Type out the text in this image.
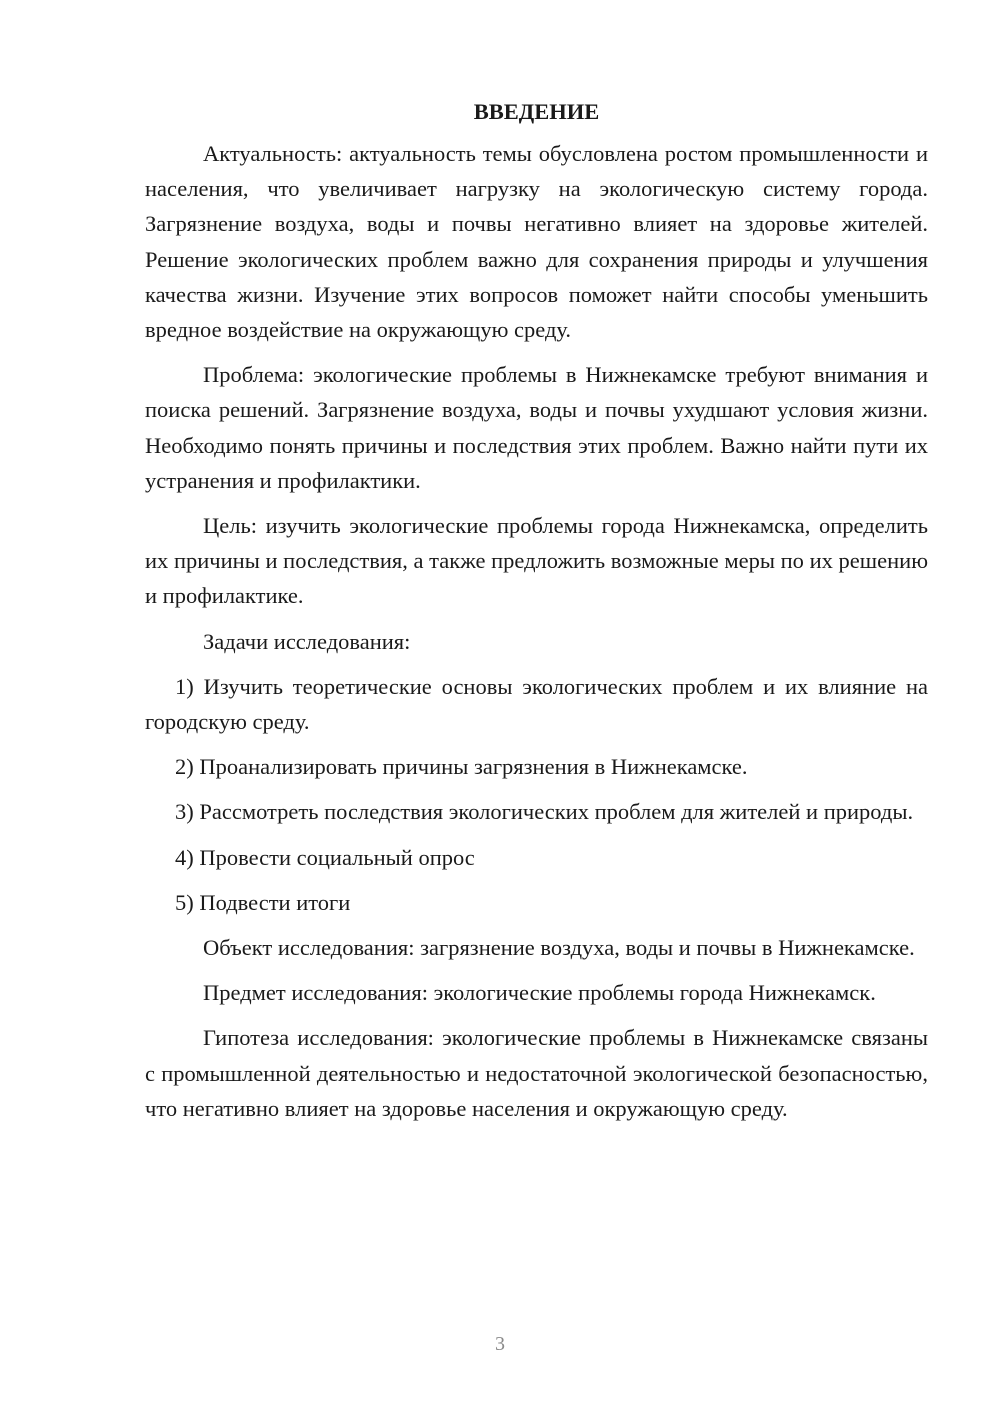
ВВЕДЕНИЕ

Актуальность: актуальность темы обусловлена ростом промышленности и населения, что увеличивает нагрузку на экологическую систему города. Загрязнение воздуха, воды и почвы негативно влияет на здоровье жителей. Решение экологических проблем важно для сохранения природы и улучшения качества жизни. Изучение этих вопросов поможет найти способы уменьшить вредное воздействие на окружающую среду.

Проблема: экологические проблемы в Нижнекамске требуют внимания и поиска решений. Загрязнение воздуха, воды и почвы ухудшают условия жизни. Необходимо понять причины и последствия этих проблем. Важно найти пути их устранения и профилактики.

Цель: изучить экологические проблемы города Нижнекамска, определить их причины и последствия, а также предложить возможные меры по их решению и профилактике.

Задачи исследования:

1) Изучить теоретические основы экологических проблем и их влияние на городскую среду.

2) Проанализировать причины загрязнения в Нижнекамске.

3) Рассмотреть последствия экологических проблем для жителей и природы.

4) Провести социальный опрос

5) Подвести итоги

Объект исследования: загрязнение воздуха, воды и почвы в Нижнекамске.

Предмет исследования: экологические проблемы города Нижнекамск.

Гипотеза исследования: экологические проблемы в Нижнекамске связаны с промышленной деятельностью и недостаточной экологической безопасностью, что негативно влияет на здоровье населения и окружающую среду.

3
